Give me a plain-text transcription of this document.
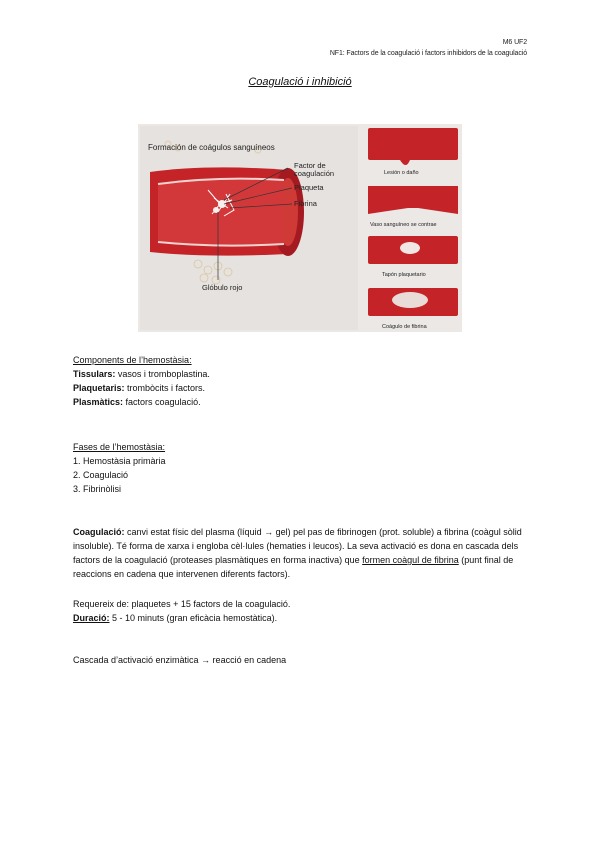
M6 UF2
NF1: Factors de la coagulació i factors inhibidors de la coagulació
Coagulació i inhibició
Formación de coágulos sanguíneos
Factor de
coagulación
Plaqueta
Fibrina
Glóbulo rojo
Lesión o daño
Vaso sanguíneo se contrae
Tapón plaquetario
Coágulo de fibrina
Components de l’hemostàsia:
Tissulars: vasos i tromboplastina.
Plaquetaris: trombòcits i factors.
Plasmàtics: factors coagulació.
Fases de l’hemostàsia:
1. Hemostàsia primària
2. Coagulació
3. Fibrinòlisi
Coagulació: canvi estat físic del plasma (líquid → gel) pel pas de fibrinogen (prot. soluble) a fibrina (coàgul sòlid insoluble). Té forma de xarxa i engloba cèl·lules (hematies i leucos). La seva activació es dona en cascada dels factors de la coagulació (proteases plasmàtiques en forma inactiva) que formen coàgul de fibrina (punt final de reaccions en cadena que intervenen diferents factors).
Requereix de: plaquetes + 15 factors de la coagulació.
Duració: 5 - 10 minuts (gran eficàcia hemostàtica).
Cascada d’activació enzimàtica → reacció en cadena
